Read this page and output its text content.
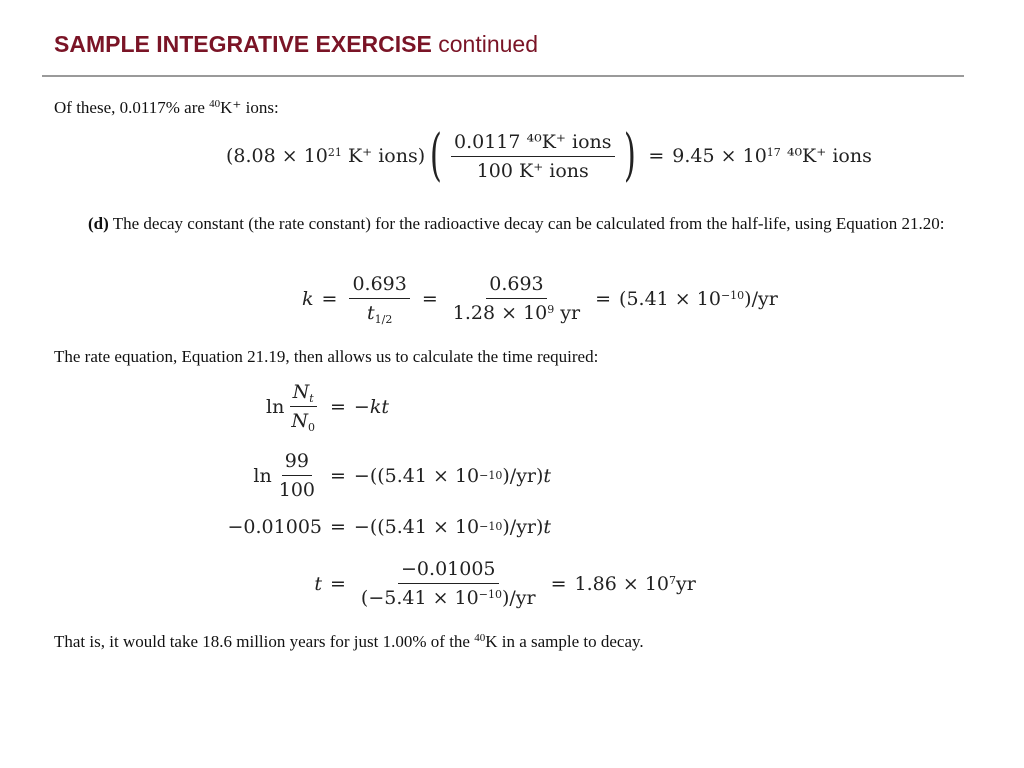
SAMPLE INTEGRATIVE EXERCISE continued
Of these, 0.0117% are $^{40}$K⁺ ions:
($8.08 \times 10^{21}$ K⁺ ions) ( $\frac{\text{0.0117 ⁴⁰K⁺ ions}}{\text{100 K⁺ ions}}$ ) = $9.45 \times 10^{17}$ ⁴⁰K⁺ ions
(d) The decay constant (the rate constant) for the radioactive decay can be calculated from the half-life, using Equation 21.20:
$k = \frac{0.693}{t_{1/2}} = \frac{0.693}{1.28 \times 10^9 yr} = (5.41 \times 10^{-10})/yr$
The rate equation, Equation 21.19, then allows us to calculate the time required:
$\ln \frac{N_t}{N_0} = -kt$
$\ln \frac{99}{100} = -((5.41 \times 10 -10$ )/yr) t
−0.01005 = −((5.41 × 10 −10 )/yr) t
$t = \frac{-0.01005}{(-5.41 \times 10^{-10})/yr} = 1.86 \times 10^7yr$
That is, it would take 18.6 million years for just 1.00% of the $^{40}$K in a sample to decay.
